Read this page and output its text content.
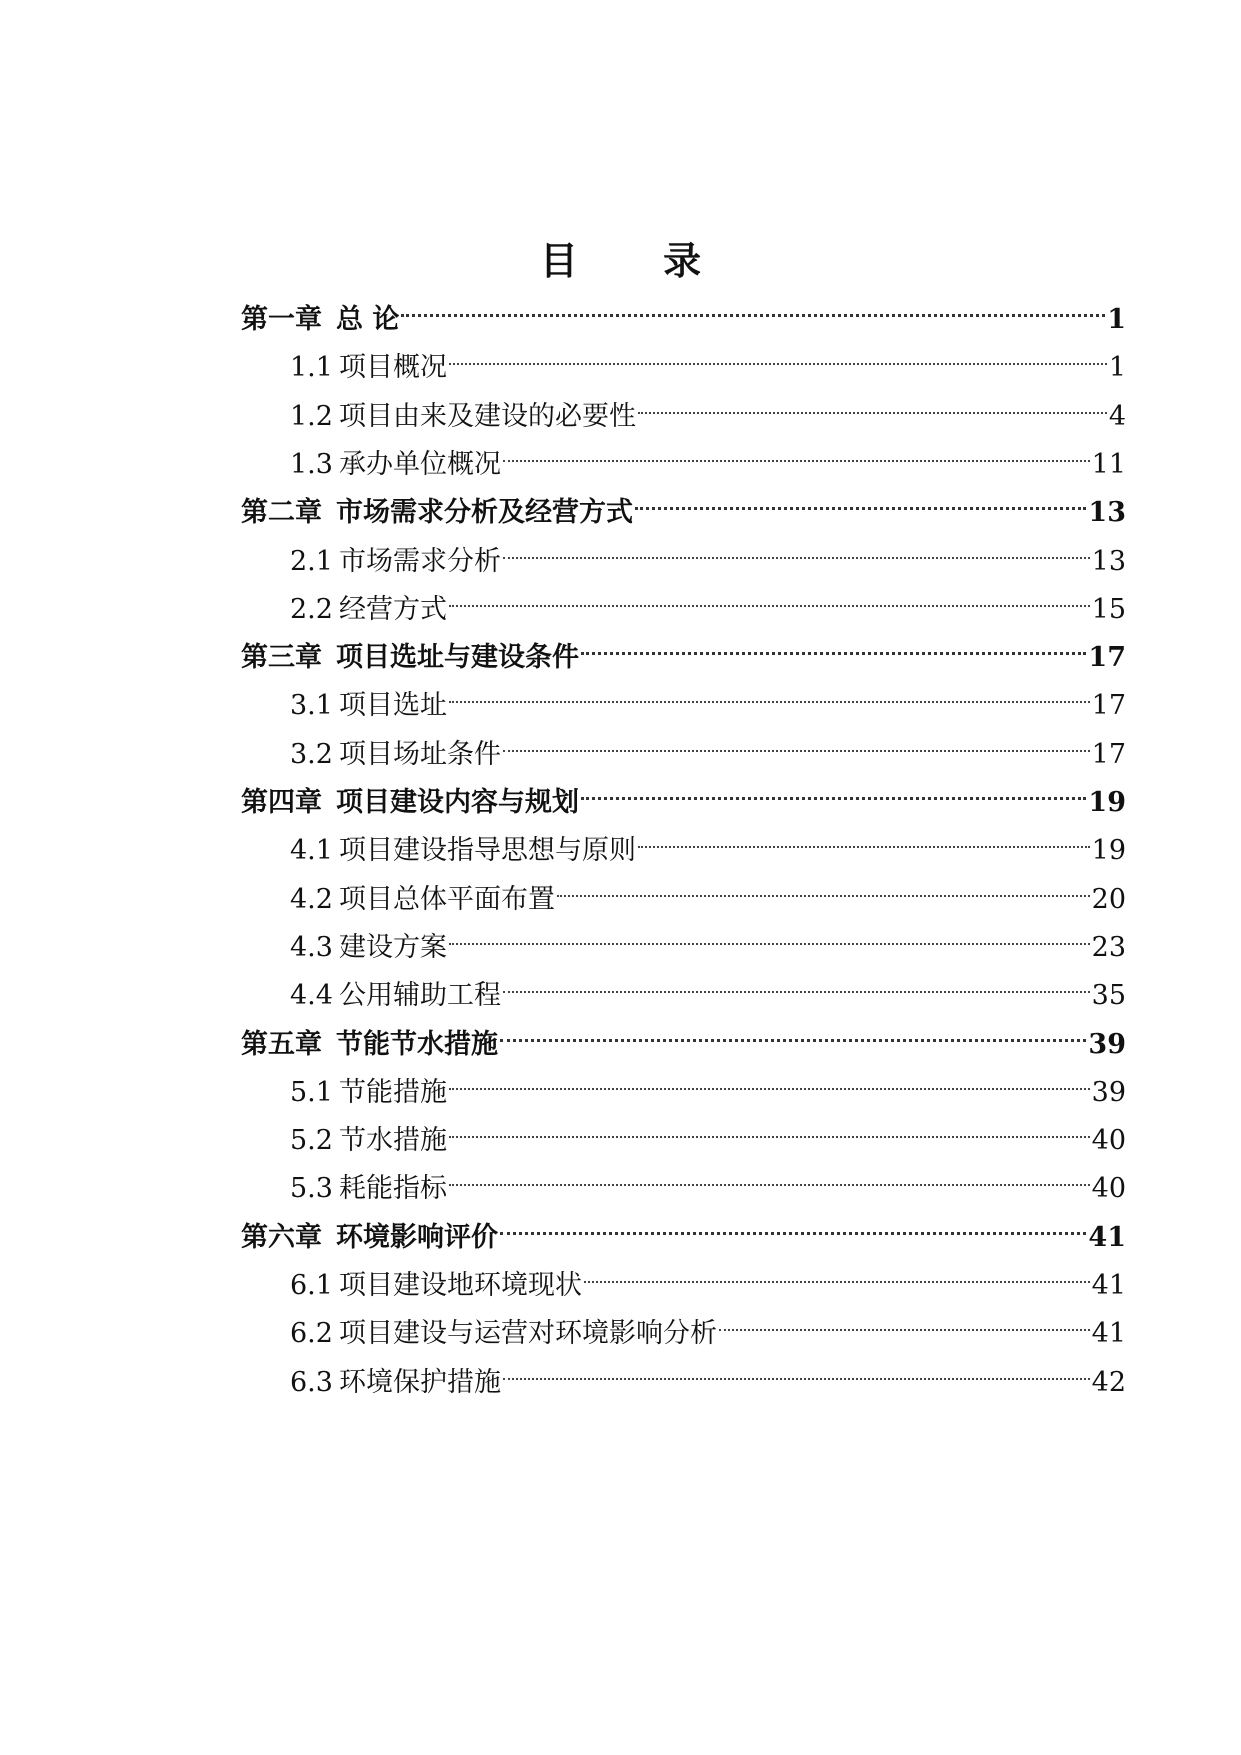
目 录
第一章 总 论	1
1.1 项目概况	1
1.2 项目由来及建设的必要性	4
1.3 承办单位概况	11
第二章 市场需求分析及经营方式	13
2.1 市场需求分析	13
2.2 经营方式	15
第三章 项目选址与建设条件	17
3.1 项目选址	17
3.2 项目场址条件	17
第四章 项目建设内容与规划	19
4.1 项目建设指导思想与原则	19
4.2 项目总体平面布置	20
4.3 建设方案	23
4.4 公用辅助工程	35
第五章 节能节水措施	39
5.1 节能措施	39
5.2 节水措施	40
5.3 耗能指标	40
第六章 环境影响评价	41
6.1 项目建设地环境现状	41
6.2 项目建设与运营对环境影响分析	41
6.3 环境保护措施	42
